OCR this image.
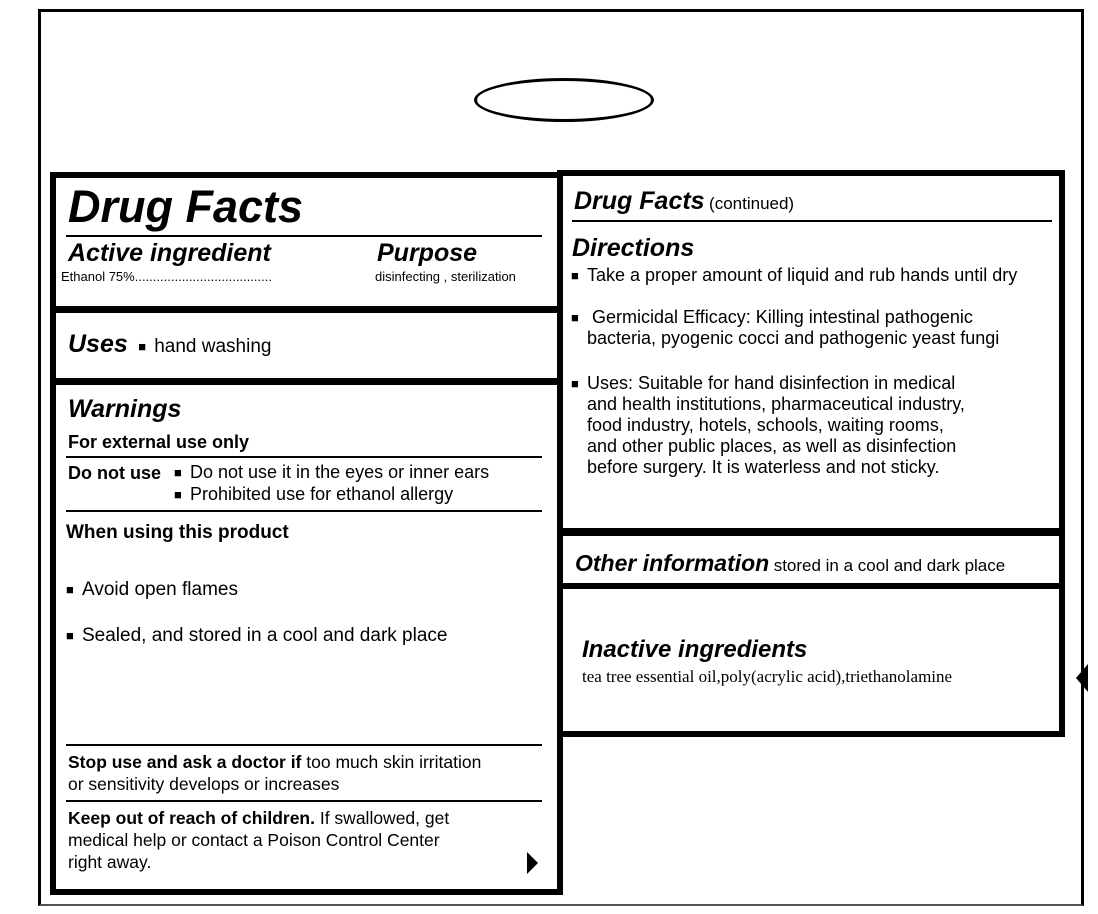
Drug Facts
Active ingredient	Purpose
Ethanol 75%......................................	disinfecting , sterilization
Uses ■ hand washing
Warnings
For external use only
Do not use ■ Do not use it in the eyes or inner ears
■ Prohibited use for ethanol allergy
When using this product
■ Avoid open flames
■ Sealed, and stored in a cool and dark place
Stop use and ask a doctor if too much skin irritation
or sensitivity develops or increases
Keep out of reach of children. If swallowed, get
medical help or contact a Poison Control Center
right away.
Drug Facts (continued)
Directions
■ Take a proper amount of liquid and rub hands until dry
■ Germicidal Efficacy: Killing intestinal pathogenic
bacteria, pyogenic cocci and pathogenic yeast fungi
■ Uses: Suitable for hand disinfection in medical
and health institutions, pharmaceutical industry,
food industry, hotels, schools, waiting rooms,
and other public places, as well as disinfection
before surgery. It is waterless and not sticky.
Other information stored in a cool and dark place
Inactive ingredients
tea tree essential oil,poly(acrylic acid),triethanolamine
